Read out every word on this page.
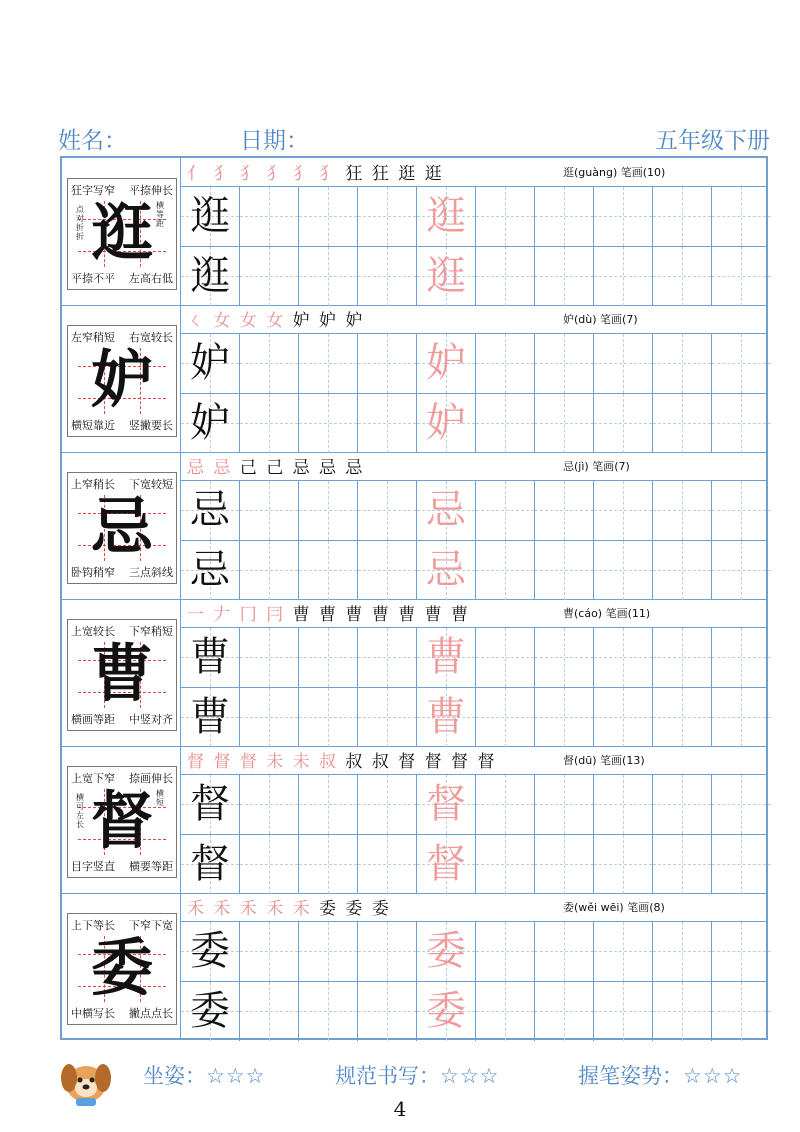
姓名：	日期：	五年级下册
狂字写窄 平捺伸长
逛
点对折折
横等距
平捺不平 左高右低
亻 犭 犭 犭 犭 犭 狂 狂 逛 逛	逛(guàng) 笔画(10)
逛	逛
逛	逛
左窄稍短 右宽较长
妒
横短靠近 竖撇要长
ㄑ 女 女 女 妒 妒 妒	妒(dù) 笔画(7)
妒	妒
妒	妒
上窄稍长 下宽较短
忌
卧钩稍窄 三点斜线
忌 忌 己 己 忌 忌 忌	忌(jì) 笔画(7)
忌	忌
忌	忌
上宽较长 下窄稍短
曹
横画等距 中竖对齐
一 𠂇 冂 冃 曹 曹 曹 曹 曹 曹 曹	曹(cáo) 笔画(11)
曹	曹
曹	曹
上宽下窄 捺画伸长
督
横可左长
横短
目字竖直 横要等距
督 督 督 未 未 叔 叔 叔 督 督 督 督	督(dū) 笔画(13)
督	督
督	督
上下等长 下窄下宽
委
中横写长 撇点点长
禾 禾 禾 禾 禾 委 委 委	委(wěi wēi) 笔画(8)
委	委
委	委
坐姿：☆☆☆	规范书写：☆☆☆	握笔姿势：☆☆☆
4
